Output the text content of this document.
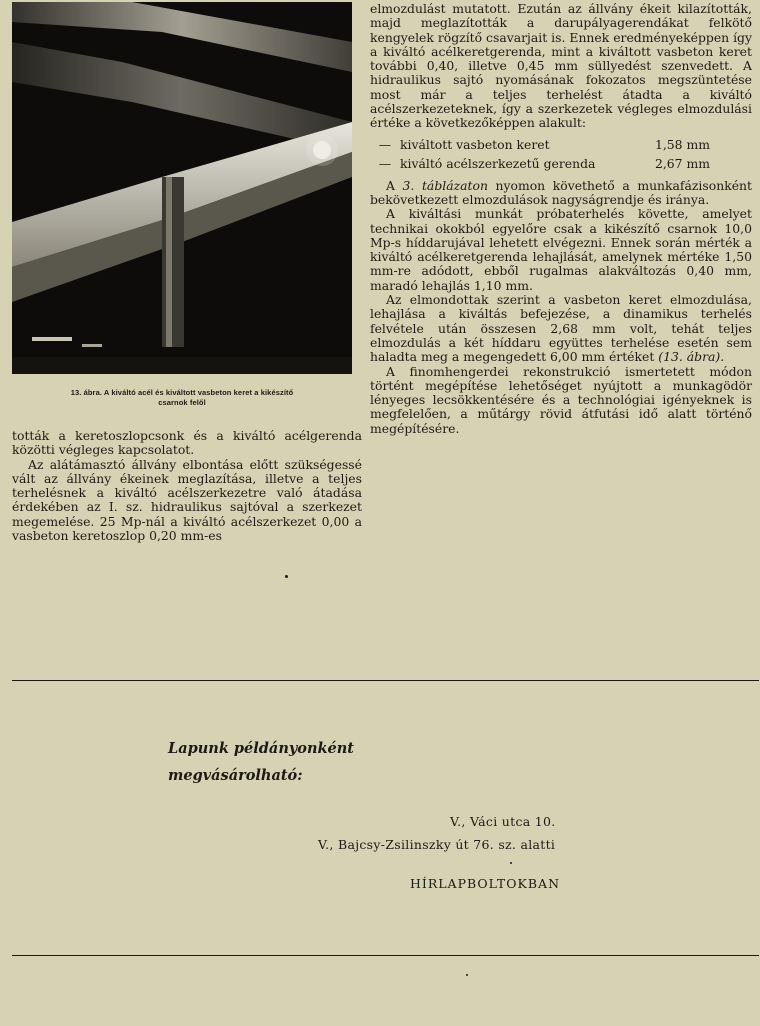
13. ábra. A kiváltó acél és kiváltott vasbeton keret a kikészítő
csarnok felől

tották a keretoszlopcsonk és a kiváltó acélgerenda közötti végleges kapcsolatot.

Az alátámasztó állvány elbontása előtt szükségessé vált az állvány ékeinek meglazítása, illetve a teljes terhelésnek a kiváltó acélszerkezetre való átadása érdekében az I. sz. hidraulikus sajtóval a szerkezet megemelése. 25 Mp-nál a kiváltó acélszerkezet 0,00 a vasbeton keretoszlop 0,20 mm-es

elmozdulást mutatott. Ezután az állvány ékeit kilazították, majd meglazították a darupályagerendákat felkötő kengyelek rögzítő csavarjait is. Ennek eredményeképpen így a kiváltó acélkeretgerenda, mint a kiváltott vasbeton keret további 0,40, illetve 0,45 mm süllyedést szenvedett. A hidraulikus sajtó nyomásának fokozatos megszüntetése most már a teljes terhelést átadta a kiváltó acélszerkezeteknek, így a szerkezetek végleges elmozdulási értéke a következőképpen alakult:

— kiváltott vasbeton keret	1,58 mm
— kiváltó acélszerkezetű gerenda	2,67 mm

A 3. táblázaton nyomon követhető a munkafázisonként bekövetkezett elmozdulások nagyságrendje és iránya.

A kiváltási munkát próbaterhelés követte, amelyet technikai okokból egyelőre csak a kikészítő csarnok 10,0 Mp-s híddarujával lehetett elvégezni. Ennek során mérték a kiváltó acélkeretgerenda lehajlását, amelynek mértéke 1,50 mm-re adódott, ebből rugalmas alakváltozás 0,40 mm, maradó lehajlás 1,10 mm.

Az elmondottak szerint a vasbeton keret elmozdulása, lehajlása a kiváltás befejezése, a dinamikus terhelés felvétele után összesen 2,68 mm volt, tehát teljes elmozdulás a két híddaru együttes terhelése esetén sem haladta meg a megengedett 6,00 mm értéket (13. ábra).

A finomhengerdei rekonstrukció ismertetett módon történt megépítése lehetőséget nyújtott a munkagödör lényeges lecsökkentésére és a technológiai igényeknek is megfelelően, a műtárgy rövid átfutási idő alatt történő megépítésére.

Lapunk példányonként
megvásárolható:
V., Váci utca 10.
V., Bajcsy-Zsilinszky út 76. sz. alatti
HÍRLAPBOLTOKBAN
